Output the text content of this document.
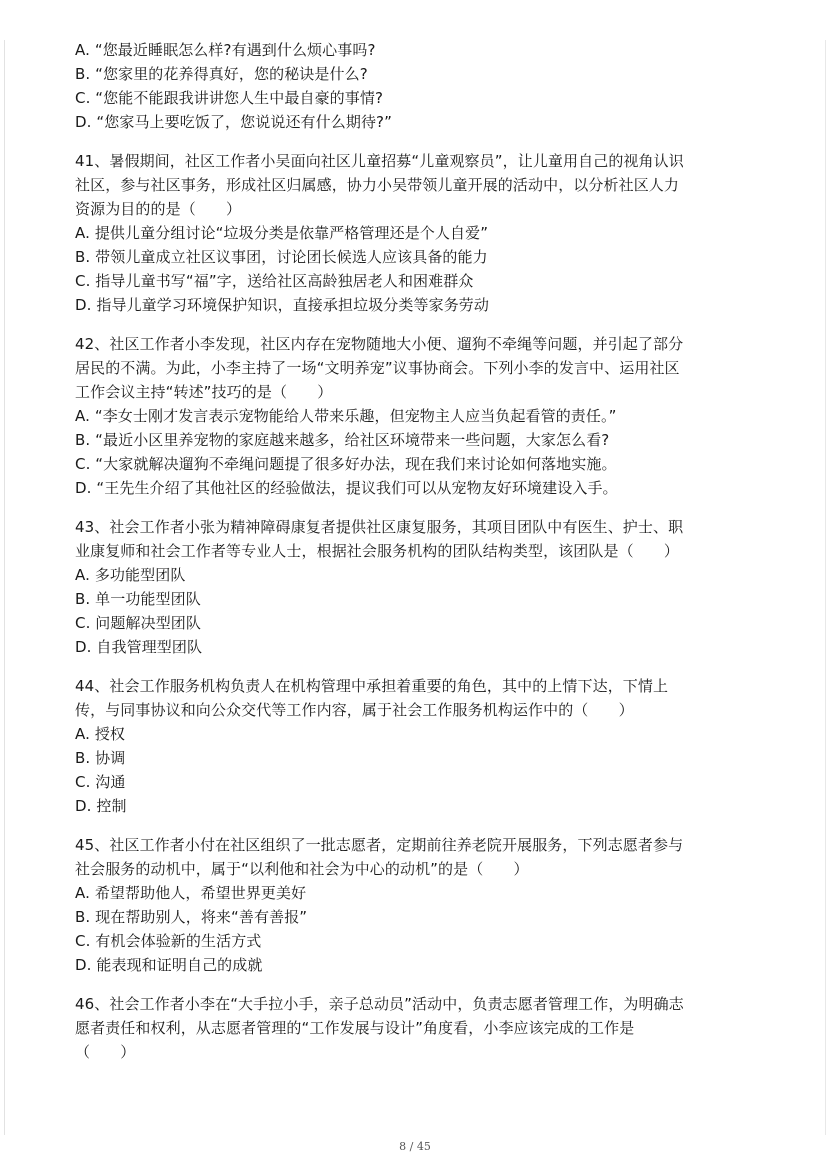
A. “您最近睡眠怎么样?有遇到什么烦心事吗?
B. “您家里的花养得真好，您的秘诀是什么?
C. “您能不能跟我讲讲您人生中最自豪的事情?
D. “您家马上要吃饭了，您说说还有什么期待?”
41、暑假期间，社区工作者小吴面向社区儿童招募“儿童观察员”，让儿童用自己的视角认识
社区，参与社区事务，形成社区归属感，协力小吴带领儿童开展的活动中，以分析社区人力
资源为目的的是（　　）
A. 提供儿童分组讨论“垃圾分类是依靠严格管理还是个人自爱”
B. 带领儿童成立社区议事团，讨论团长候选人应该具备的能力
C. 指导儿童书写“福”字，送给社区高龄独居老人和困难群众
D. 指导儿童学习环境保护知识，直接承担垃圾分类等家务劳动
42、社区工作者小李发现，社区内存在宠物随地大小便、遛狗不牵绳等问题，并引起了部分
居民的不满。为此，小李主持了一场“文明养宠”议事协商会。下列小李的发言中、运用社区
工作会议主持“转述”技巧的是（　　）
A. “李女士刚才发言表示宠物能给人带来乐趣，但宠物主人应当负起看管的责任。”
B. “最近小区里养宠物的家庭越来越多，给社区环境带来一些问题，大家怎么看?
C. “大家就解决遛狗不牵绳问题提了很多好办法，现在我们来讨论如何落地实施。
D. “王先生介绍了其他社区的经验做法，提议我们可以从宠物友好环境建设入手。
43、社会工作者小张为精神障碍康复者提供社区康复服务，其项目团队中有医生、护士、职
业康复师和社会工作者等专业人士，根据社会服务机构的团队结构类型，该团队是（　　）
A. 多功能型团队
B. 单一功能型团队
C. 问题解决型团队
D. 自我管理型团队
44、社会工作服务机构负责人在机构管理中承担着重要的角色，其中的上情下达，下情上
传，与同事协议和向公众交代等工作内容，属于社会工作服务机构运作中的（　　）
A. 授权
B. 协调
C. 沟通
D. 控制
45、社区工作者小付在社区组织了一批志愿者，定期前往养老院开展服务，下列志愿者参与
社会服务的动机中，属于“以利他和社会为中心的动机”的是（　　）
A. 希望帮助他人，希望世界更美好
B. 现在帮助别人，将来“善有善报”
C. 有机会体验新的生活方式
D. 能表现和证明自己的成就
46、社会工作者小李在“大手拉小手，亲子总动员”活动中，负责志愿者管理工作，为明确志
愿者责任和权利，从志愿者管理的“工作发展与设计”角度看，小李应该完成的工作是
（　　）
8 / 45
